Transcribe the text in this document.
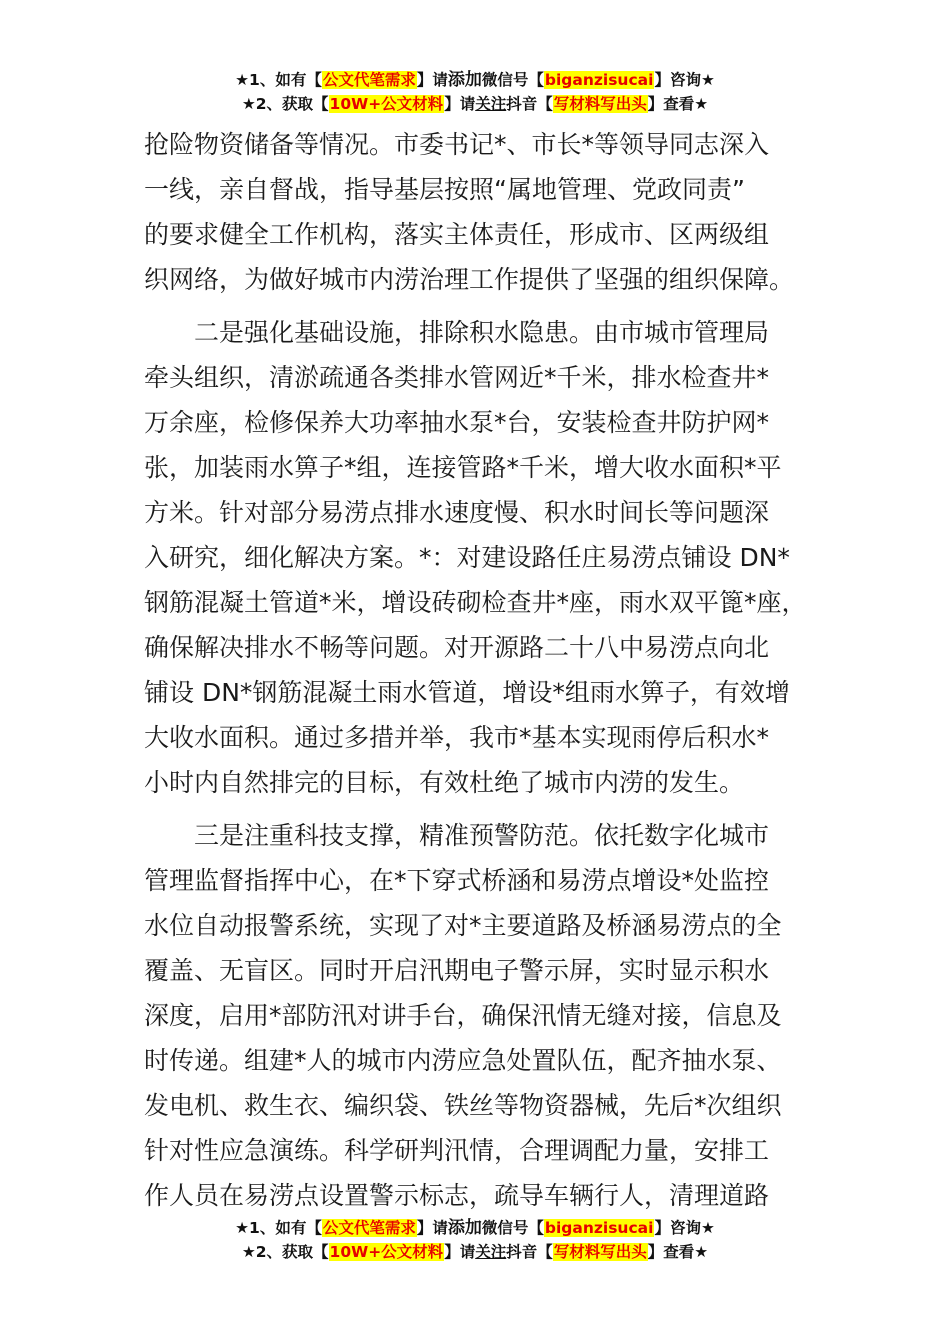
★1、如有【公文代笔需求】请添加微信号【biganzisucai】咨询★
★2、获取【10W+公文材料】请关注抖音【写材料写出头】查看★
抢险物资储备等情况。市委书记*、市长*等领导同志深入
一线，亲自督战，指导基层按照“属地管理、党政同责”
的要求健全工作机构，落实主体责任，形成市、区两级组
织网络，为做好城市内涝治理工作提供了坚强的组织保障。
　　二是强化基础设施，排除积水隐患。由市城市管理局
牵头组织，清淤疏通各类排水管网近*千米，排水检查井*
万余座，检修保养大功率抽水泵*台，安装检查井防护网*
张，加装雨水箅子*组，连接管路*千米，增大收水面积*平
方米。针对部分易涝点排水速度慢、积水时间长等问题深
入研究，细化解决方案。*：对建设路任庄易涝点铺设 DN*
钢筋混凝土管道*米，增设砖砌检查井*座，雨水双平篦*座，
确保解决排水不畅等问题。对开源路二十八中易涝点向北
铺设 DN*钢筋混凝土雨水管道，增设*组雨水箅子，有效增
大收水面积。通过多措并举，我市*基本实现雨停后积水*
小时内自然排完的目标，有效杜绝了城市内涝的发生。
　　三是注重科技支撑，精准预警防范。依托数字化城市
管理监督指挥中心，在*下穿式桥涵和易涝点增设*处监控
水位自动报警系统，实现了对*主要道路及桥涵易涝点的全
覆盖、无盲区。同时开启汛期电子警示屏，实时显示积水
深度，启用*部防汛对讲手台，确保汛情无缝对接，信息及
时传递。组建*人的城市内涝应急处置队伍，配齐抽水泵、
发电机、救生衣、编织袋、铁丝等物资器械，先后*次组织
针对性应急演练。科学研判汛情，合理调配力量，安排工
作人员在易涝点设置警示标志，疏导车辆行人，清理道路
★1、如有【公文代笔需求】请添加微信号【biganzisucai】咨询★
★2、获取【10W+公文材料】请关注抖音【写材料写出头】查看★
